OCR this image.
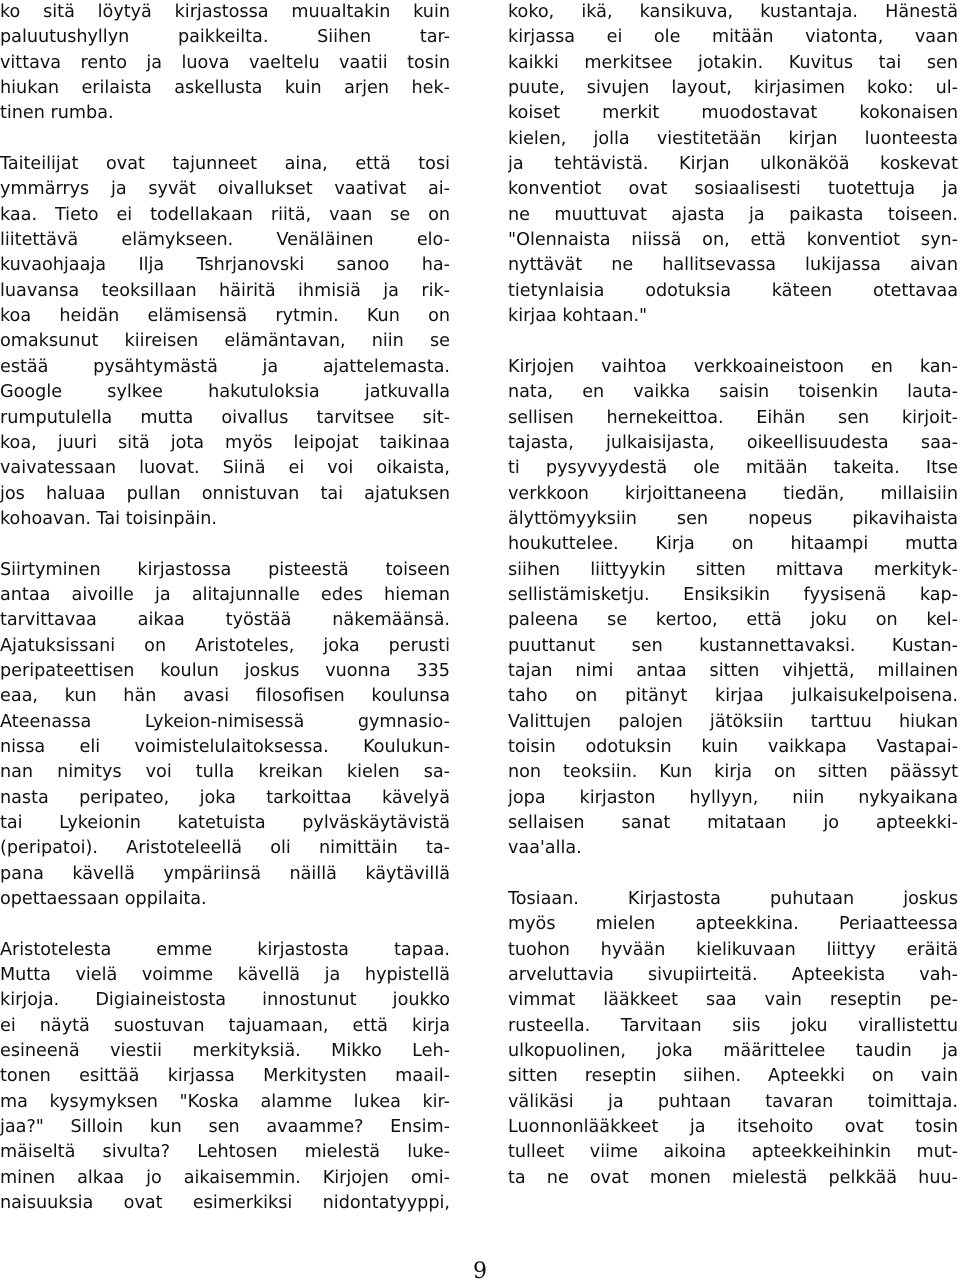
ko sitä löytyä kirjastossa muualtakin kuin
paluutushyllyn paikkeilta. Siihen tar-
vittava rento ja luova vaeltelu vaatii tosin
hiukan erilaista askellusta kuin arjen hek-
tinen rumba.
Taiteilijat ovat tajunneet aina, että tosi
ymmärrys ja syvät oivallukset vaativat ai-
kaa. Tieto ei todellakaan riitä, vaan se on
liitettävä elämykseen. Venäläinen elo-
kuvaohjaaja Ilja Tshrjanovski sanoo ha-
luavansa teoksillaan häiritä ihmisiä ja rik-
koa heidän elämisensä rytmin. Kun on
omaksunut kiireisen elämäntavan, niin se
estää pysähtymästä ja ajattelemasta.
Google sylkee hakutuloksia jatkuvalla
rumputulella mutta oivallus tarvitsee sit-
koa, juuri sitä jota myös leipojat taikinaa
vaivatessaan luovat. Siinä ei voi oikaista,
jos haluaa pullan onnistuvan tai ajatuksen
kohoavan. Tai toisinpäin.
Siirtyminen kirjastossa pisteestä toiseen
antaa aivoille ja alitajunnalle edes hieman
tarvittavaa aikaa työstää näkemäänsä.
Ajatuksissani on Aristoteles, joka perusti
peripateettisen koulun joskus vuonna 335
eaa, kun hän avasi filosofisen koulunsa
Ateenassa Lykeion-nimisessä gymnasio-
nissa eli voimistelulaitoksessa. Koulukun-
nan nimitys voi tulla kreikan kielen sa-
nasta peripateo, joka tarkoittaa kävelyä
tai Lykeionin katetuista pylväskäytävistä
(peripatoi). Aristoteleellä oli nimittäin ta-
pana kävellä ympäriinsä näillä käytävillä
opettaessaan oppilaita.
Aristotelesta emme kirjastosta tapaa.
Mutta vielä voimme kävellä ja hypistellä
kirjoja. Digiaineistosta innostunut joukko
ei näytä suostuvan tajuamaan, että kirja
esineenä viestii merkityksiä. Mikko Leh-
tonen esittää kirjassa Merkitysten maail-
ma kysymyksen "Koska alamme lukea kir-
jaa?" Silloin kun sen avaamme? Ensim-
mäiseltä sivulta? Lehtosen mielestä luke-
minen alkaa jo aikaisemmin. Kirjojen omi-
naisuuksia ovat esimerkiksi nidontatyyppi,
koko, ikä, kansikuva, kustantaja. Hänestä
kirjassa ei ole mitään viatonta, vaan
kaikki merkitsee jotakin. Kuvitus tai sen
puute, sivujen layout, kirjasimen koko: ul-
koiset merkit muodostavat kokonaisen
kielen, jolla viestitetään kirjan luonteesta
ja tehtävistä. Kirjan ulkonäköä koskevat
konventiot ovat sosiaalisesti tuotettuja ja
ne muuttuvat ajasta ja paikasta toiseen.
"Olennaista niissä on, että konventiot syn-
nyttävät ne hallitsevassa lukijassa aivan
tietynlaisia odotuksia käteen otettavaa
kirjaa kohtaan."
Kirjojen vaihtoa verkkoaineistoon en kan-
nata, en vaikka saisin toisenkin lauta-
sellisen hernekeittoa. Eihän sen kirjoit-
tajasta, julkaisijasta, oikeellisuudesta saa-
ti pysyvyydestä ole mitään takeita. Itse
verkkoon kirjoittaneena tiedän, millaisiin
älyttömyyksiin sen nopeus pikavihaista
houkuttelee. Kirja on hitaampi mutta
siihen liittyykin sitten mittava merkityk-
sellistämisketju. Ensiksikin fyysisenä kap-
paleena se kertoo, että joku on kel-
puuttanut sen kustannettavaksi. Kustan-
tajan nimi antaa sitten vihjettä, millainen
taho on pitänyt kirjaa julkaisukelpoisena.
Valittujen palojen jätöksiin tarttuu hiukan
toisin odotuksin kuin vaikkapa Vastapai-
non teoksiin. Kun kirja on sitten päässyt
jopa kirjaston hyllyyn, niin nykyaikana
sellaisen sanat mitataan jo apteekki-
vaa'alla.
Tosiaan. Kirjastosta puhutaan joskus
myös mielen apteekkina. Periaatteessa
tuohon hyvään kielikuvaan liittyy eräitä
arveluttavia sivupiirteitä. Apteekista vah-
vimmat lääkkeet saa vain reseptin pe-
rusteella. Tarvitaan siis joku virallistettu
ulkopuolinen, joka määrittelee taudin ja
sitten reseptin siihen. Apteekki on vain
välikäsi ja puhtaan tavaran toimittaja.
Luonnonlääkkeet ja itsehoito ovat tosin
tulleet viime aikoina apteekkeihinkin mut-
ta ne ovat monen mielestä pelkkää huu-
9
